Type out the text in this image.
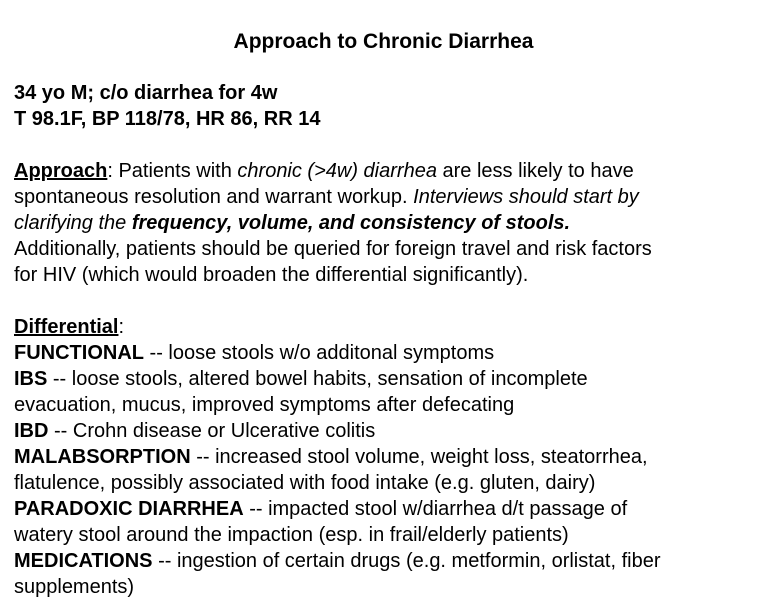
Approach to Chronic Diarrhea
34 yo M; c/o diarrhea for 4w
T 98.1F, BP 118/78, HR 86, RR 14
Approach: Patients with chronic (>4w) diarrhea are less likely to have
spontaneous resolution and warrant workup. Interviews should start by
clarifying the frequency, volume, and consistency of stools.
Additionally, patients should be queried for foreign travel and risk factors
for HIV (which would broaden the differential significantly).
Differential:
FUNCTIONAL -- loose stools w/o additonal symptoms
IBS -- loose stools, altered bowel habits, sensation of incomplete
evacuation, mucus, improved symptoms after defecating
IBD -- Crohn disease or Ulcerative colitis
MALABSORPTION -- increased stool volume, weight loss, steatorrhea,
flatulence, possibly associated with food intake (e.g. gluten, dairy)
PARADOXIC DIARRHEA -- impacted stool w/diarrhea d/t passage of
watery stool around the impaction (esp. in frail/elderly patients)
MEDICATIONS -- ingestion of certain drugs (e.g. metformin, orlistat, fiber
supplements)
